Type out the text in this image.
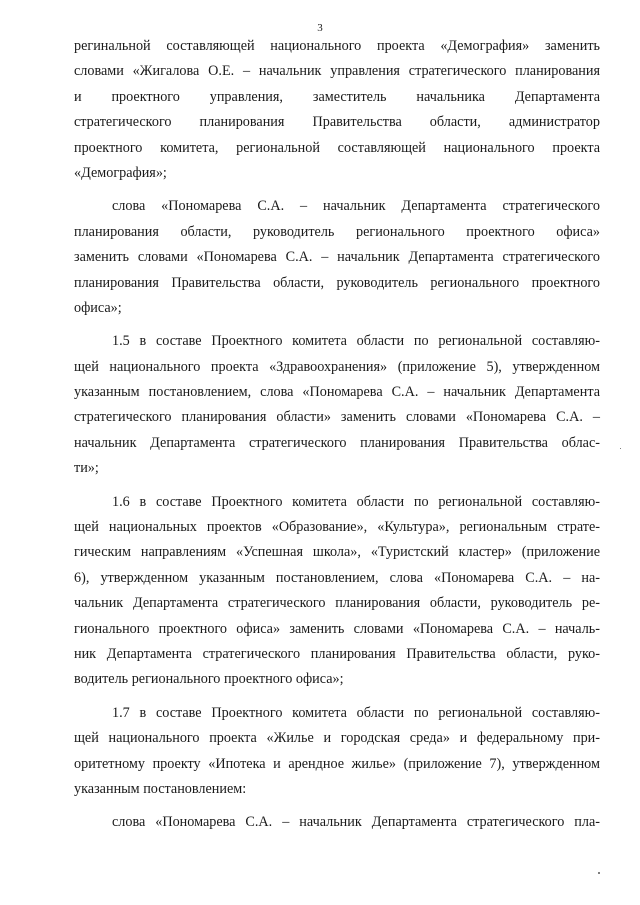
3
регинальной составляющей национального проекта «Демография» заменить
словами «Жигалова О.Е. – начальник управления стратегического планирования
и проектного управления, заместитель начальника Департамента
стратегического планирования Правительства области, администратор
проектного комитета, региональной составляющей национального проекта
«Демография»;
слова «Пономарева С.А. – начальник Департамента стратегического
планирования области, руководитель регионального проектного офиса»
заменить словами «Пономарева С.А. – начальник Департамента стратегического
планирования Правительства области, руководитель регионального проектного
офиса»;
1.5 в составе Проектного комитета области по региональной составляю-
щей национального проекта «Здравоохранения» (приложение 5), утвержденном
указанным постановлением, слова «Пономарева С.А. – начальник Департамента
стратегического планирования области» заменить словами «Пономарева С.А. –
начальник Департамента стратегического планирования Правительства облас-
ти»;
1.6 в составе Проектного комитета области по региональной составляю-
щей национальных проектов «Образование», «Культура», региональным страте-
гическим направлениям «Успешная школа», «Туристский кластер» (приложение
6), утвержденном указанным постановлением, слова «Пономарева С.А. – на-
чальник Департамента стратегического планирования области, руководитель ре-
гионального проектного офиса» заменить словами «Пономарева С.А. – началь-
ник Департамента стратегического планирования Правительства области, руко-
водитель регионального проектного офиса»;
1.7 в составе Проектного комитета области по региональной составляю-
щей национального проекта «Жилье и городская среда» и федеральному при-
оритетному проекту «Ипотека и арендное жилье» (приложение 7), утвержденном
указанным постановлением:
слова «Пономарева С.А. – начальник Департамента стратегического пла-
